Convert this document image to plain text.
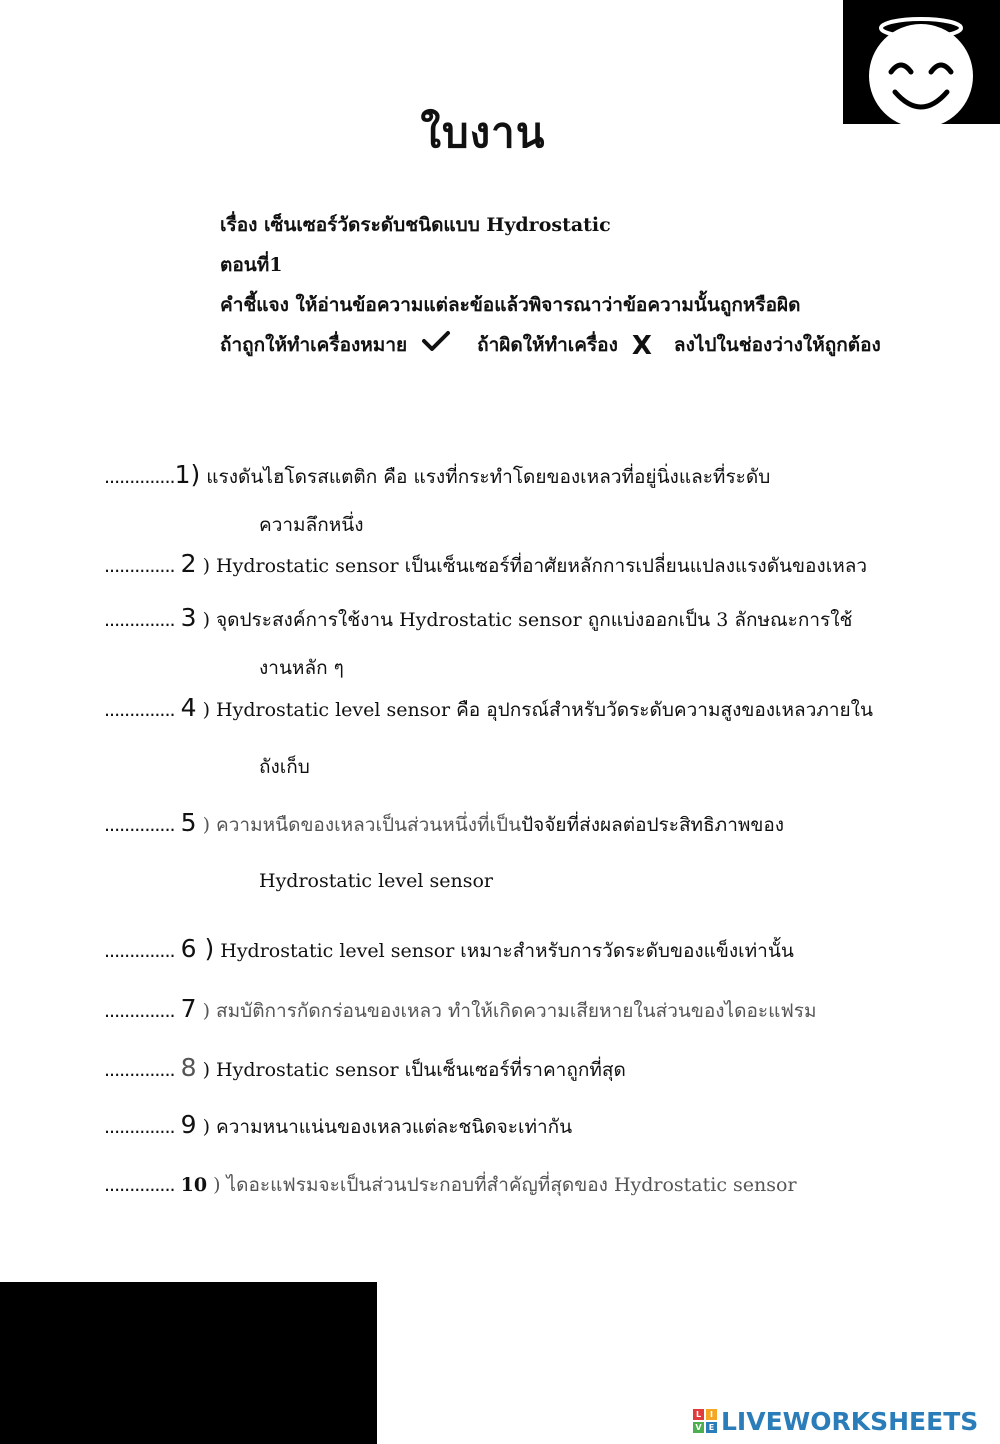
ใบงาน
เรื่อง เซ็นเซอร์วัดระดับชนิดแบบ Hydrostatic
ตอนที่1
คำชี้แจง ให้อ่านข้อความแต่ละข้อแล้วพิจารณาว่าข้อความนั้นถูกหรือผิด
ถ้าถูกให้ทำเครื่องหมาย	ถ้าผิดให้ทำเครื่อง X ลงไปในช่องว่างให้ถูกต้อง
..............1) แรงดันไฮโดรสแตติก คือ แรงที่กระทำโดยของเหลวที่อยู่นิ่งและที่ระดับ
ความลึกหนึ่ง
.............. 2 ) Hydrostatic sensor เป็นเซ็นเซอร์ที่อาศัยหลักการเปลี่ยนแปลงแรงดันของเหลว
.............. 3 ) จุดประสงค์การใช้งาน Hydrostatic sensor ถูกแบ่งออกเป็น 3 ลักษณะการใช้
งานหลัก ๆ
.............. 4 ) Hydrostatic level sensor คือ อุปกรณ์สำหรับวัดระดับความสูงของเหลวภายใน
ถังเก็บ
.............. 5 ) ความหนืดของเหลวเป็นส่วนหนึ่งที่เป็นปัจจัยที่ส่งผลต่อประสิทธิภาพของ
Hydrostatic level sensor
.............. 6 ) Hydrostatic level sensor เหมาะสำหรับการวัดระดับของแข็งเท่านั้น
.............. 7 ) สมบัติการกัดกร่อนของเหลว ทำให้เกิดความเสียหายในส่วนของไดอะแฟรม
.............. 8 ) Hydrostatic sensor เป็นเซ็นเซอร์ที่ราคาถูกที่สุด
.............. 9 ) ความหนาแน่นของเหลวแต่ละชนิดจะเท่ากัน
.............. 10 ) ไดอะแฟรมจะเป็นส่วนประกอบที่สำคัญที่สุดของ Hydrostatic sensor
L	I
V E LIVEWORKSHEETS
